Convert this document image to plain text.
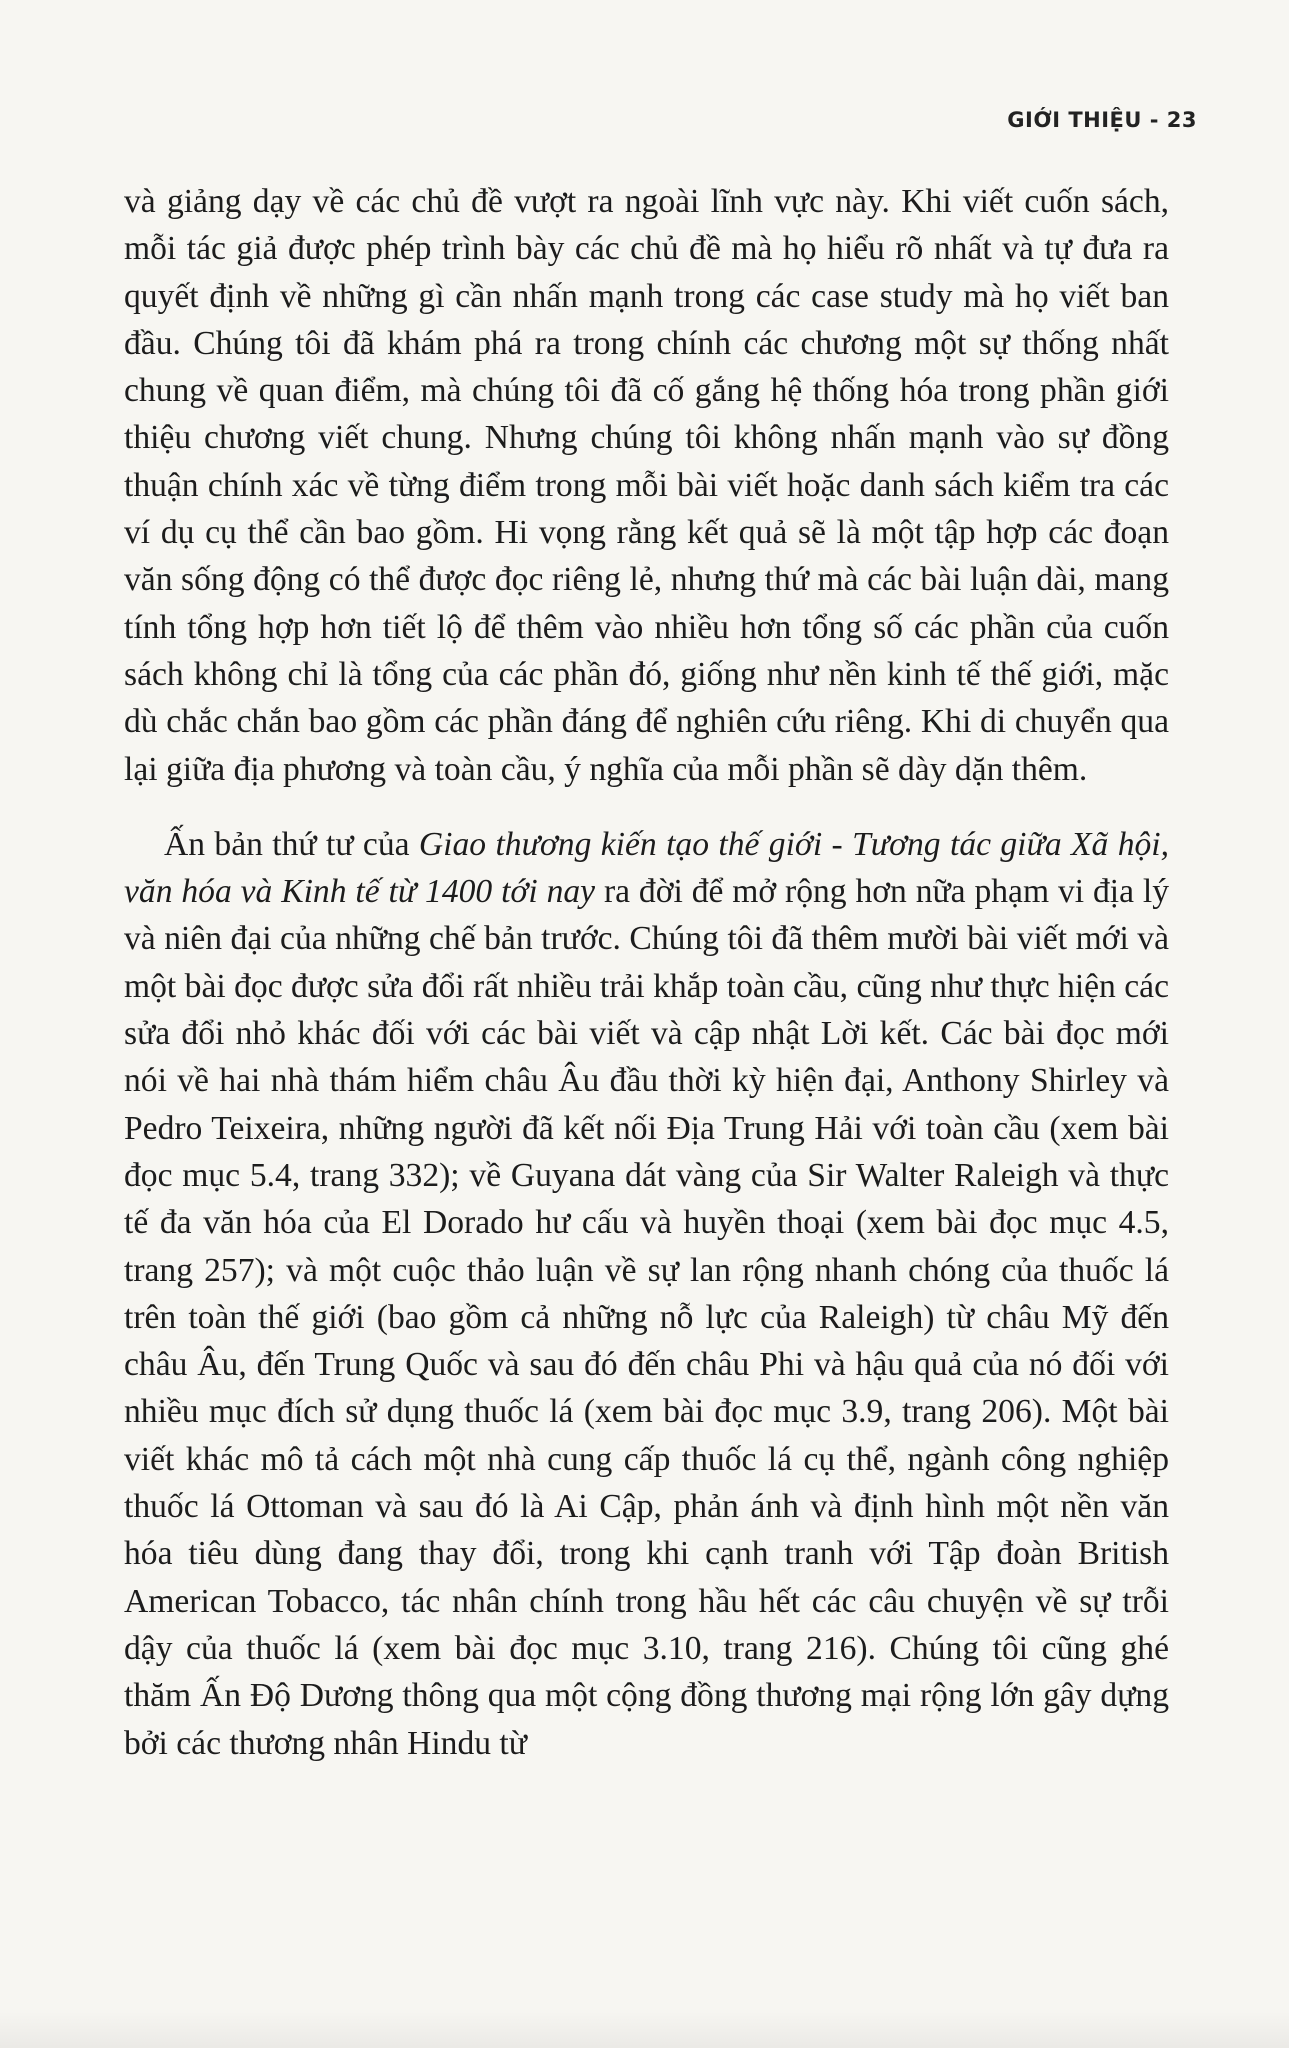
GIỚI THIỆU - 23

và giảng dạy về các chủ đề vượt ra ngoài lĩnh vực này. Khi viết cuốn sách, mỗi tác giả được phép trình bày các chủ đề mà họ hiểu rõ nhất và tự đưa ra quyết định về những gì cần nhấn mạnh trong các case study mà họ viết ban đầu. Chúng tôi đã khám phá ra trong chính các chương một sự thống nhất chung về quan điểm, mà chúng tôi đã cố gắng hệ thống hóa trong phần giới thiệu chương viết chung. Nhưng chúng tôi không nhấn mạnh vào sự đồng thuận chính xác về từng điểm trong mỗi bài viết hoặc danh sách kiểm tra các ví dụ cụ thể cần bao gồm. Hi vọng rằng kết quả sẽ là một tập hợp các đoạn văn sống động có thể được đọc riêng lẻ, nhưng thứ mà các bài luận dài, mang tính tổng hợp hơn tiết lộ để thêm vào nhiều hơn tổng số các phần của cuốn sách không chỉ là tổng của các phần đó, giống như nền kinh tế thế giới, mặc dù chắc chắn bao gồm các phần đáng để nghiên cứu riêng. Khi di chuyển qua lại giữa địa phương và toàn cầu, ý nghĩa của mỗi phần sẽ dày dặn thêm.

Ấn bản thứ tư của Giao thương kiến tạo thế giới - Tương tác giữa Xã hội, văn hóa và Kinh tế từ 1400 tới nay ra đời để mở rộng hơn nữa phạm vi địa lý và niên đại của những chế bản trước. Chúng tôi đã thêm mười bài viết mới và một bài đọc được sửa đổi rất nhiều trải khắp toàn cầu, cũng như thực hiện các sửa đổi nhỏ khác đối với các bài viết và cập nhật Lời kết. Các bài đọc mới nói về hai nhà thám hiểm châu Âu đầu thời kỳ hiện đại, Anthony Shirley và Pedro Teixeira, những người đã kết nối Địa Trung Hải với toàn cầu (xem bài đọc mục 5.4, trang 332); về Guyana dát vàng của Sir Walter Raleigh và thực tế đa văn hóa của El Dorado hư cấu và huyền thoại (xem bài đọc mục 4.5, trang 257); và một cuộc thảo luận về sự lan rộng nhanh chóng của thuốc lá trên toàn thế giới (bao gồm cả những nỗ lực của Raleigh) từ châu Mỹ đến châu Âu, đến Trung Quốc và sau đó đến châu Phi và hậu quả của nó đối với nhiều mục đích sử dụng thuốc lá (xem bài đọc mục 3.9, trang 206). Một bài viết khác mô tả cách một nhà cung cấp thuốc lá cụ thể, ngành công nghiệp thuốc lá Ottoman và sau đó là Ai Cập, phản ánh và định hình một nền văn hóa tiêu dùng đang thay đổi, trong khi cạnh tranh với Tập đoàn British American Tobacco, tác nhân chính trong hầu hết các câu chuyện về sự trỗi dậy của thuốc lá (xem bài đọc mục 3.10, trang 216). Chúng tôi cũng ghé thăm Ấn Độ Dương thông qua một cộng đồng thương mại rộng lớn gây dựng bởi các thương nhân Hindu từ
